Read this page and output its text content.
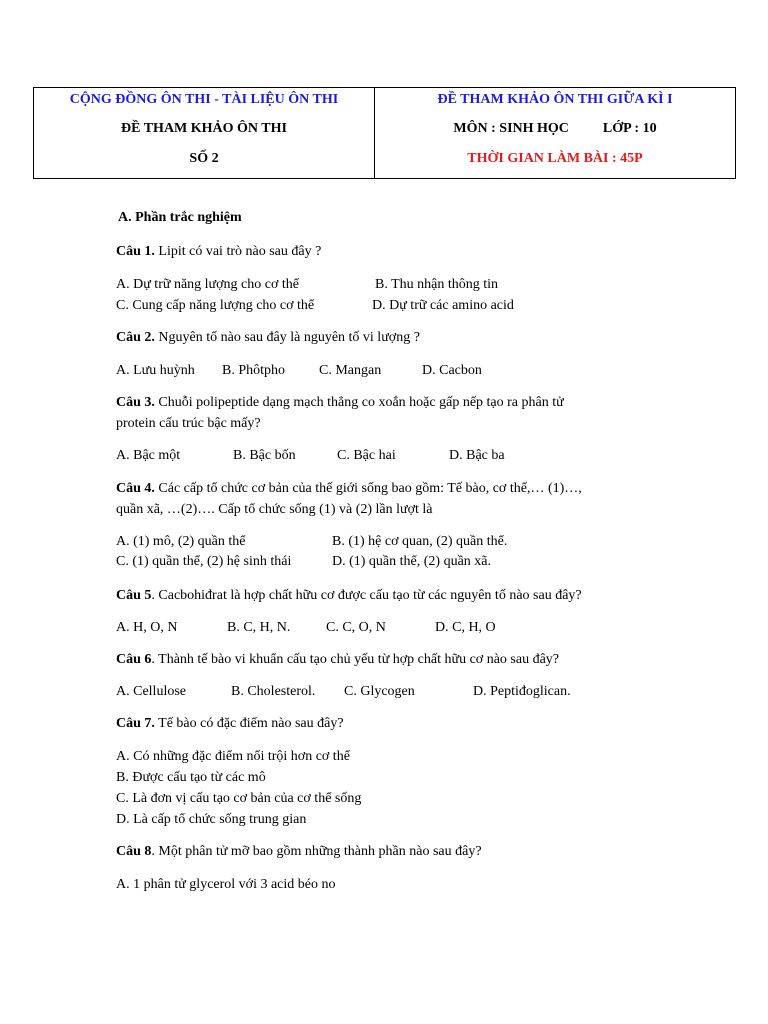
CỘNG ĐỒNG ÔN THI - TÀI LIỆU ÔN THI
ĐỀ THAM KHẢO ÔN THI
SỐ 2
ĐỀ THAM KHẢO ÔN THI GIỮA KÌ I
MÔN : SINH HỌC LỚP : 10
THỜI GIAN LÀM BÀI : 45P
A. Phần trắc nghiệm
Câu 1. Lipit có vai trò nào sau đây ?
A. Dự trữ năng lượng cho cơ thể	B. Thu nhận thông tin
C. Cung cấp năng lượng cho cơ thể	D. Dự trữ các amino acid
Câu 2. Nguyên tố nào sau đây là nguyên tố vi lượng ?
A. Lưu huỳnh B. Phôtpho C. Mangan	D. Cacbon
Câu 3. Chuỗi polipeptide dạng mạch thẳng co xoắn hoặc gấp nếp tạo ra phân tử
protein cấu trúc bậc mấy?
A. Bậc một	B. Bậc bốn	C. Bậc hai	D. Bậc ba
Câu 4. Các cấp tổ chức cơ bản của thế giới sống bao gồm: Tế bào, cơ thể,… (1)…,
quần xã, …(2)…. Cấp tổ chức sống (1) và (2) lần lượt là
A. (1) mô, (2) quần thể	B. (1) hệ cơ quan, (2) quần thể.
C. (1) quần thể, (2) hệ sinh thái	D. (1) quần thể, (2) quần xã.
Câu 5. Cacbohiđrat là hợp chất hữu cơ được cấu tạo từ các nguyên tố nào sau đây?
A. H, O, N	B. C, H, N.	C. C, O, N	D. C, H, O
Câu 6. Thành tế bào vi khuẩn cấu tạo chủ yếu từ hợp chất hữu cơ nào sau đây?
A. Cellulose	B. Cholesterol. C. Glycogen	D. Peptiđoglican.
Câu 7. Tế bào có đặc điểm nào sau đây?
A. Có những đặc điểm nổi trội hơn cơ thể
B. Được cấu tạo từ các mô
C. Là đơn vị cấu tạo cơ bản của cơ thể sống
D. Là cấp tổ chức sống trung gian
Câu 8. Một phân tử mỡ bao gồm những thành phần nào sau đây?
A. 1 phân tử glycerol với 3 acid béo no
